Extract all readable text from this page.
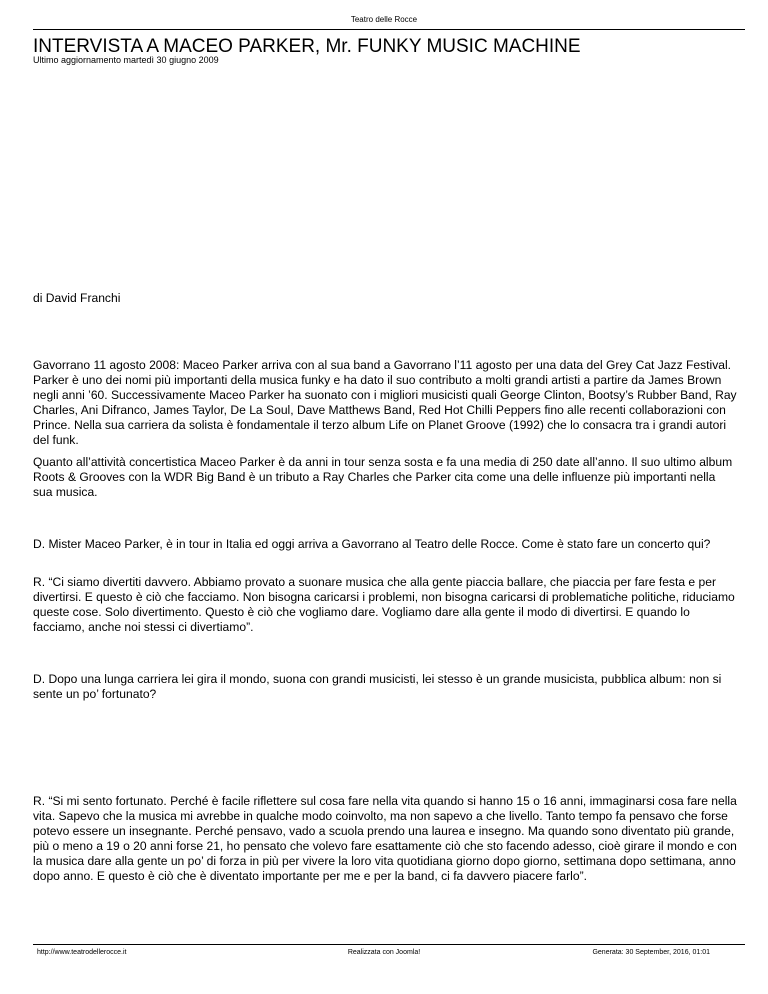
Teatro delle Rocce
INTERVISTA A MACEO PARKER, Mr. FUNKY MUSIC MACHINE
Ultimo aggiornamento martedì 30 giugno 2009

di David Franchi

Gavorrano 11 agosto 2008: Maceo Parker arriva con al sua band a Gavorrano l’11 agosto per una data del Grey Cat Jazz Festival. Parker è uno dei nomi più importanti della musica funky e ha dato il suo contributo a molti grandi artisti a partire da James Brown negli anni ’60. Successivamente Maceo Parker ha suonato con i migliori musicisti quali George Clinton, Bootsy’s Rubber Band, Ray Charles, Ani Difranco, James Taylor, De La Soul, Dave Matthews Band, Red Hot Chilli Peppers fino alle recenti collaborazioni con Prince. Nella sua carriera da solista è fondamentale il terzo album Life on Planet Groove (1992) che lo consacra tra i grandi autori del funk.

Quanto all’attività concertistica Maceo Parker è da anni in tour senza sosta e fa una media di 250 date all’anno. Il suo ultimo album Roots & Grooves con la WDR Big Band è un tributo a Ray Charles che Parker cita come una delle influenze più importanti nella sua musica.

D. Mister Maceo Parker, è in tour in Italia ed oggi arriva a Gavorrano al Teatro delle Rocce. Come è stato fare un concerto qui?

R. “Ci siamo divertiti davvero. Abbiamo provato a suonare musica che alla gente piaccia ballare, che piaccia per fare festa e per divertirsi. E questo è ciò che facciamo. Non bisogna caricarsi i problemi, non bisogna caricarsi di problematiche politiche, riduciamo queste cose. Solo divertimento. Questo è ciò che vogliamo dare. Vogliamo dare alla gente il modo di divertirsi. E quando lo facciamo, anche noi stessi ci divertiamo”.

D. Dopo una lunga carriera lei gira il mondo, suona con grandi musicisti, lei stesso è un grande musicista, pubblica album: non si sente un po’ fortunato?

R. “Si mi sento fortunato. Perché è facile riflettere sul cosa fare nella vita quando si hanno 15 o 16 anni, immaginarsi cosa fare nella vita. Sapevo che la musica mi avrebbe in qualche modo coinvolto, ma non sapevo a che livello. Tanto tempo fa pensavo che forse potevo essere un insegnante. Perché pensavo, vado a scuola prendo una laurea e insegno. Ma quando sono diventato più grande, più o meno a 19 o 20 anni forse 21, ho pensato che volevo fare esattamente ciò che sto facendo adesso, cioè girare il mondo e con la musica dare alla gente un po’ di forza in più per vivere la loro vita quotidiana giorno dopo giorno, settimana dopo settimana, anno dopo anno. E questo è ciò che è diventato importante per me e per la band, ci fa davvero piacere farlo”.

http://www.teatrodellerocce.it	Realizzata con Joomla!	Generata: 30 September, 2016, 01:01
